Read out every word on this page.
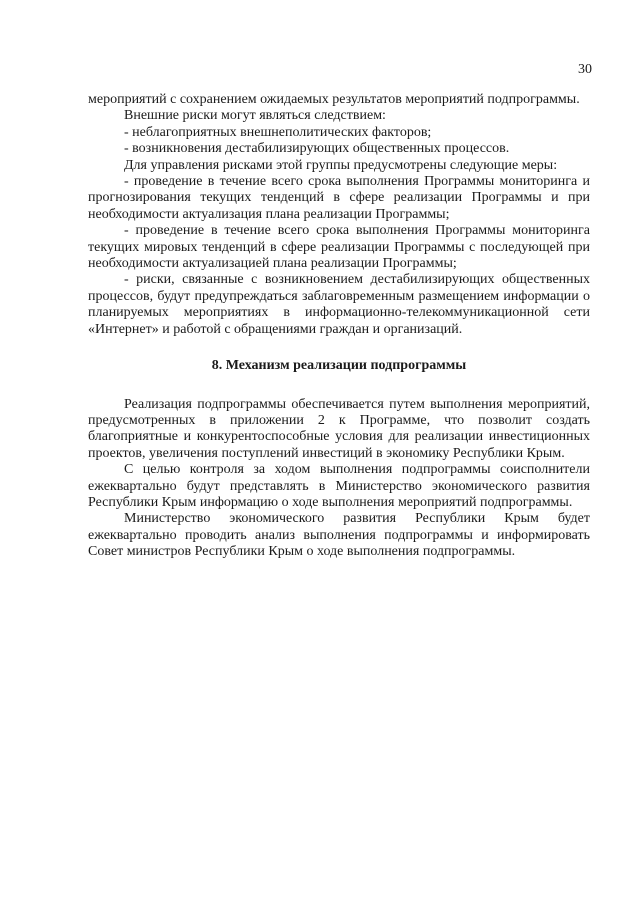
30

мероприятий с сохранением ожидаемых результатов мероприятий подпрограммы.

Внешние риски могут являться следствием:

- неблагоприятных внешнеполитических факторов;

- возникновения дестабилизирующих общественных процессов.

Для управления рисками этой группы предусмотрены следующие меры:

- проведение в течение всего срока выполнения Программы мониторинга и прогнозирования текущих тенденций в сфере реализации Программы и при необходимости актуализация плана реализации Программы;

- проведение в течение всего срока выполнения Программы мониторинга текущих мировых тенденций в сфере реализации Программы с последующей при необходимости актуализацией плана реализации Программы;

- риски, связанные с возникновением дестабилизирующих общественных процессов, будут предупреждаться заблаговременным размещением информации о планируемых мероприятиях в информационно-телекоммуникационной сети «Интернет» и работой с обращениями граждан и организаций.

8. Механизм реализации подпрограммы

Реализация подпрограммы обеспечивается путем выполнения мероприятий, предусмотренных в приложении 2 к Программе, что позволит создать благоприятные и конкурентоспособные условия для реализации инвестиционных проектов, увеличения поступлений инвестиций в экономику Республики Крым.

С целью контроля за ходом выполнения подпрограммы соисполнители ежеквартально будут представлять в Министерство экономического развития Республики Крым информацию о ходе выполнения мероприятий подпрограммы.

Министерство экономического развития Республики Крым будет ежеквартально проводить анализ выполнения подпрограммы и информировать Совет министров Республики Крым о ходе выполнения подпрограммы.
